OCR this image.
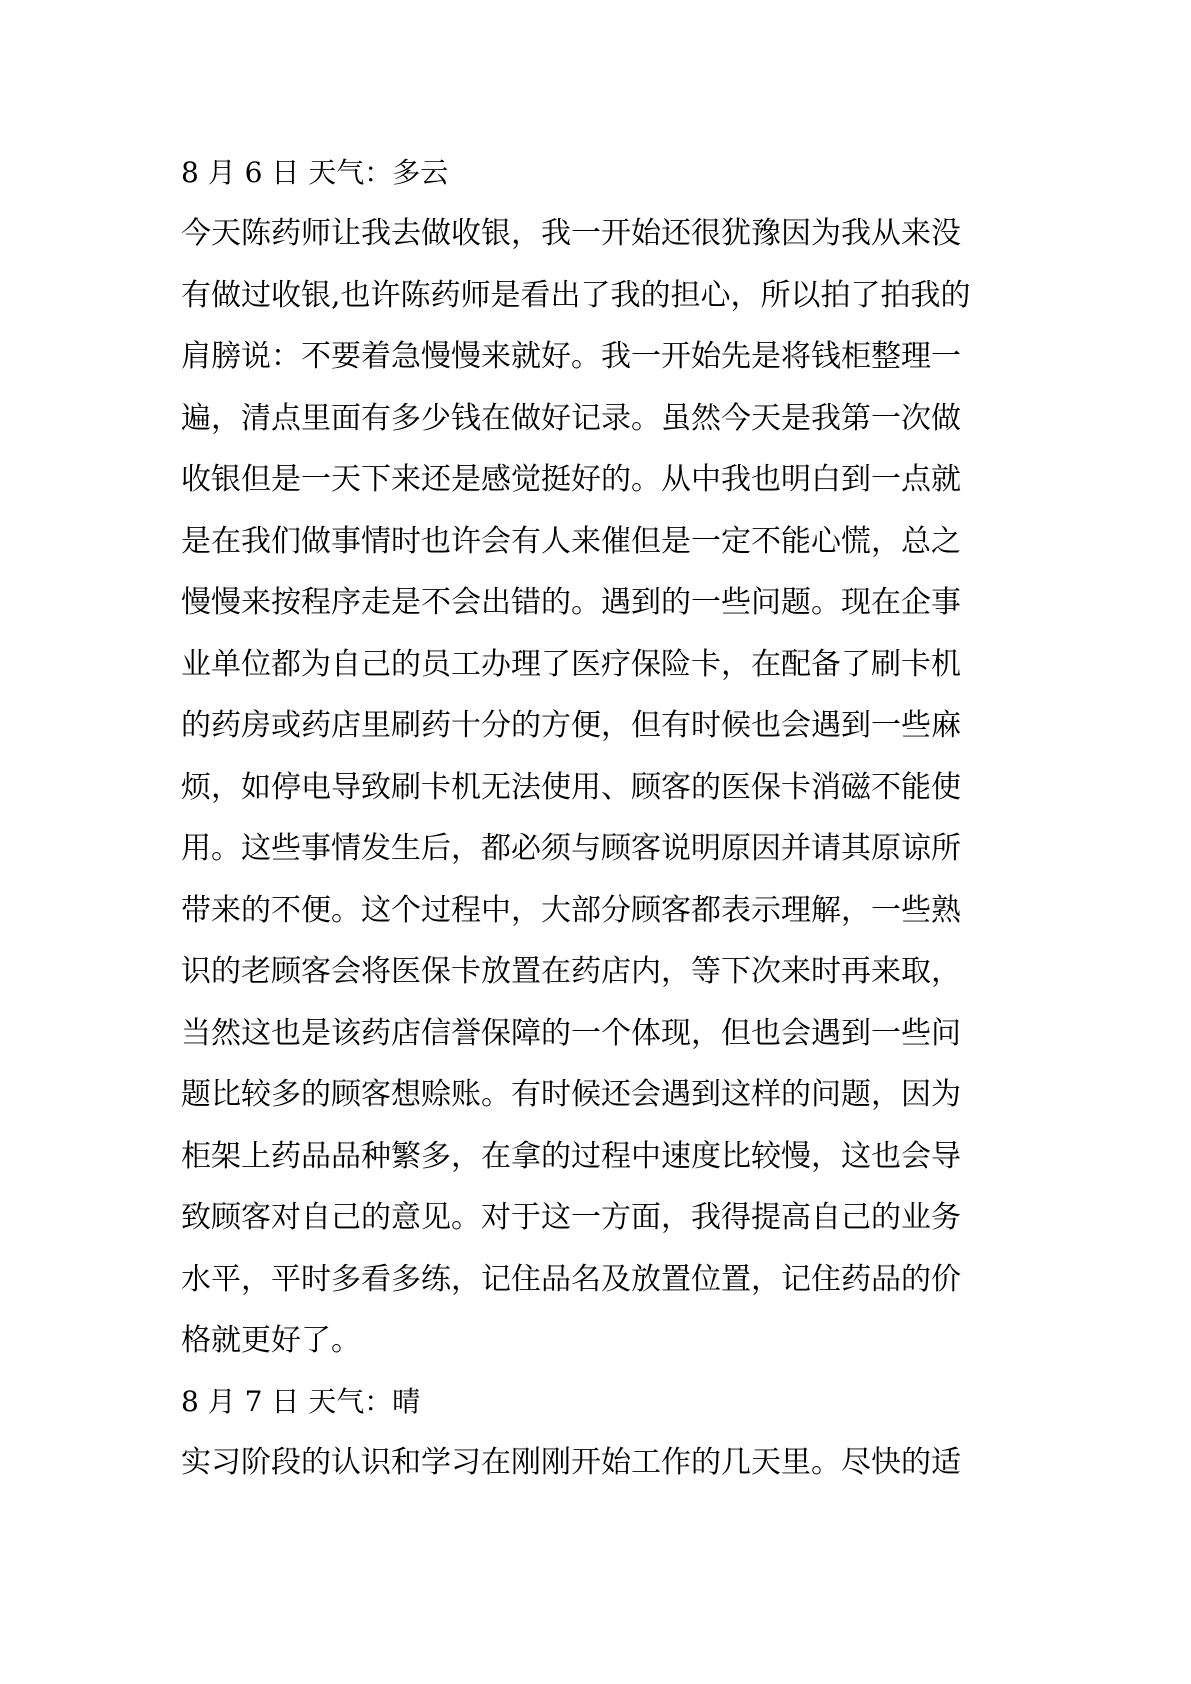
8 月 6 日 天气：多云
今天陈药师让我去做收银，我一开始还很犹豫因为我从来没
有做过收银,也许陈药师是看出了我的担心，所以拍了拍我的
肩膀说：不要着急慢慢来就好。我一开始先是将钱柜整理一
遍，清点里面有多少钱在做好记录。虽然今天是我第一次做
收银但是一天下来还是感觉挺好的。从中我也明白到一点就
是在我们做事情时也许会有人来催但是一定不能心慌，总之
慢慢来按程序走是不会出错的。遇到的一些问题。现在企事
业单位都为自己的员工办理了医疗保险卡，在配备了刷卡机
的药房或药店里刷药十分的方便，但有时候也会遇到一些麻
烦，如停电导致刷卡机无法使用、顾客的医保卡消磁不能使
用。这些事情发生后，都必须与顾客说明原因并请其原谅所
带来的不便。这个过程中，大部分顾客都表示理解，一些熟
识的老顾客会将医保卡放置在药店内，等下次来时再来取，
当然这也是该药店信誉保障的一个体现，但也会遇到一些问
题比较多的顾客想赊账。有时候还会遇到这样的问题，因为
柜架上药品品种繁多，在拿的过程中速度比较慢，这也会导
致顾客对自己的意见。对于这一方面，我得提高自己的业务
水平，平时多看多练，记住品名及放置位置，记住药品的价
格就更好了。
8 月 7 日 天气：晴
实习阶段的认识和学习在刚刚开始工作的几天里。尽快的适
